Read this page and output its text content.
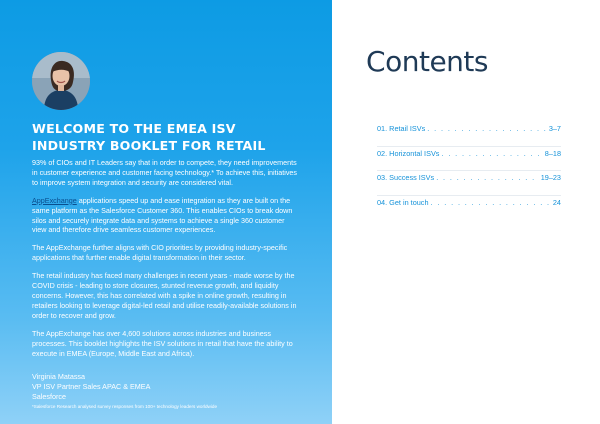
WELCOME TO THE EMEA ISV INDUSTRY BOOKLET FOR RETAIL

93% of CIOs and IT Leaders say that in order to compete, they need improvements in customer experience and customer facing technology.* To achieve this, initiatives to improve system integration and security are considered vital.

AppExchange applications speed up and ease integration as they are built on the same platform as the Salesforce Customer 360. This enables CIOs to break down silos and securely integrate data and systems to achieve a single 360 customer view and therefore drive seamless customer experiences.

The AppExchange further aligns with CIO priorities by providing industry-specific applications that further enable digital transformation in their sector.

The retail industry has faced many challenges in recent years - made worse by the COVID crisis - leading to store closures, stunted revenue growth, and liquidity concerns. However, this has correlated with a spike in online growth, resulting in retailers looking to leverage digital-led retail and utilise readily-available solutions in order to recover and grow.

The AppExchange has over 4,600 solutions across industries and business processes. This booklet highlights the ISV solutions in retail that have the ability to execute in EMEA (Europe, Middle East and Africa).

Virginia Matassa
VP ISV Partner Sales APAC & EMEA
Salesforce
*Salesforce Research analysed survey responses from 100+ technology leaders worldwide
Contents
01. Retail ISVs . . .	3–7
02. Horizontal ISVs . . .	8–18
03. Success ISVs . . .	19–23
04. Get in touch . . .	24
